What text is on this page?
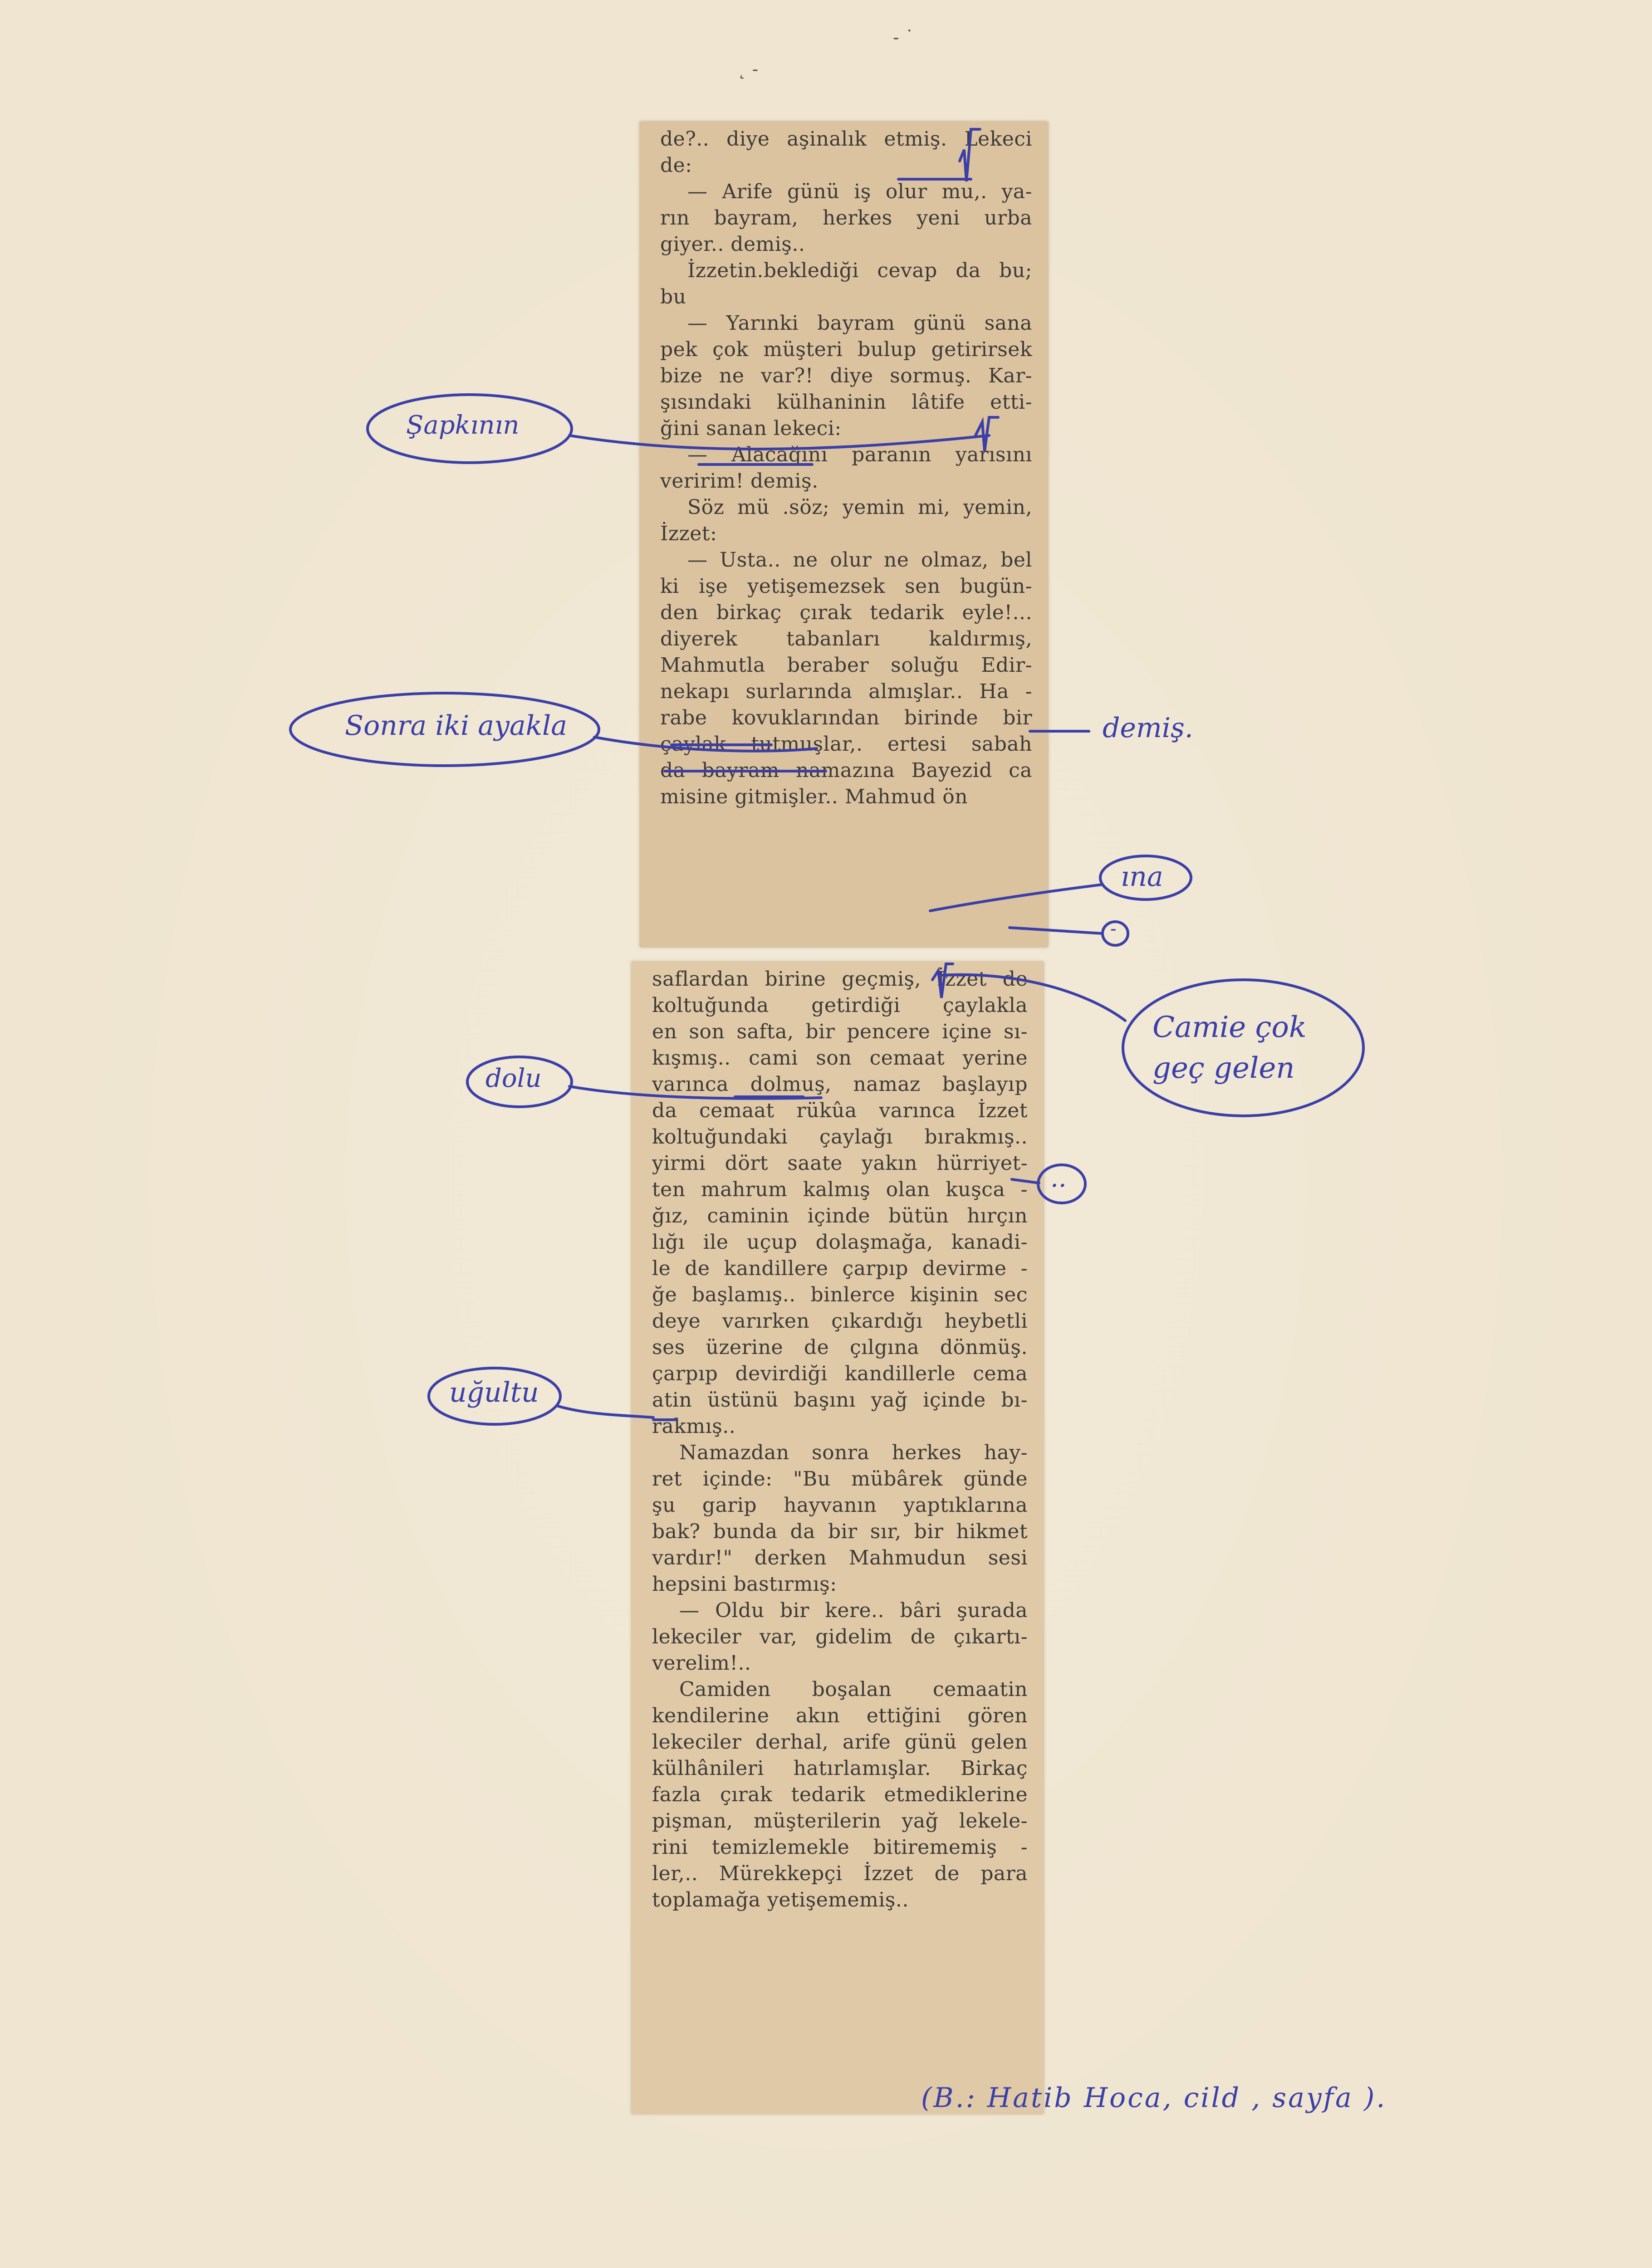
- ˙
˛ -
de?.. diye aşinalık etmiş. Lekeci
de:
— Arife günü iş olur mu,. ya-
rın bayram, herkes yeni urba
giyer.. demiş..
İzzetin.beklediği cevap da bu;
bu
— Yarınki bayram günü sana
pek çok müşteri bulup getirirsek
bize ne var?! diye sormuş. Kar-
şısındaki külhaninin lâtife etti-
ğini sanan lekeci:
— Alacağını paranın yarısını
veririm! demiş.
Söz mü .söz; yemin mi, yemin,
İzzet:
— Usta.. ne olur ne olmaz, bel
ki işe yetişemezsek sen bugün-
den birkaç çırak tedarik eyle!...
diyerek tabanları kaldırmış,
Mahmutla beraber soluğu Edir-
nekapı surlarında almışlar.. Ha -
rabe kovuklarından birinde bir
çaylak tutmuşlar,. ertesi sabah
da bayram namazına Bayezid ca
misine gitmişler.. Mahmud ön
saflardan birine geçmiş, İzzet de
koltuğunda getirdiği çaylakla
en son safta, bir pencere içine sı-
kışmış.. cami son cemaat yerine
varınca dolmuş, namaz başlayıp
da cemaat rükûa varınca İzzet
koltuğundaki çaylağı bırakmış..
yirmi dört saate yakın hürriyet-
ten mahrum kalmış olan kuşca -
ğız, caminin içinde bütün hırçın
lığı ile uçup dolaşmağa, kanadi-
le de kandillere çarpıp devirme -
ğe başlamış.. binlerce kişinin sec
deye varırken çıkardığı heybetli
ses üzerine de çılgına dönmüş.
çarpıp devirdiği kandillerle cema
atin üstünü başını yağ içinde bı-
rakmış..
Namazdan sonra herkes hay-
ret içinde: "Bu mübârek günde
şu garip hayvanın yaptıklarına
bak? bunda da bir sır, bir hikmet
vardır!" derken Mahmudun sesi
hepsini bastırmış:
— Oldu bir kere.. bâri şurada
lekeciler var, gidelim de çıkartı-
verelim!..
Camiden boşalan cemaatin
kendilerine akın ettiğini gören
lekeciler derhal, arife günü gelen
külhânileri hatırlamışlar. Birkaç
fazla çırak tedarik etmediklerine
pişman, müşterilerin yağ lekele-
rini temizlemekle bitirememiş -
ler,.. Mürekkepçi İzzet de para
toplamağa yetişememiş..
Şapkının
Sonra iki ayakla	demiş.
ına
-
Camie çok geç gelen
dolu
..
uğultu
(B.: Hatib Hoca, cild , sayfa ).
